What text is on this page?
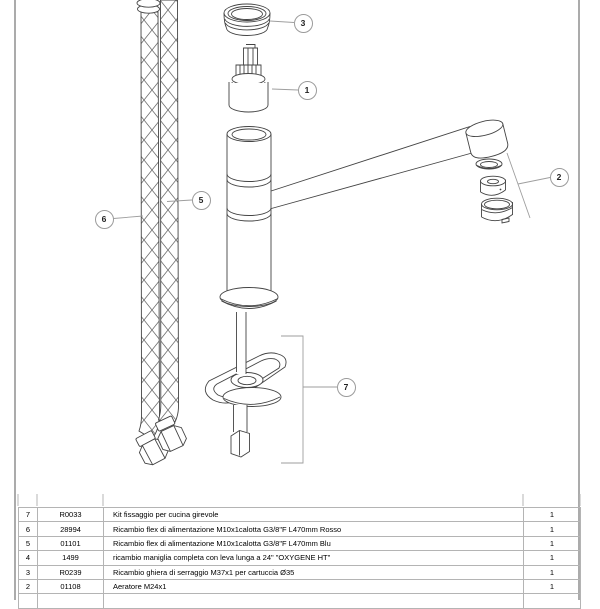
3
1
2
5
6
7
7	R0033	Kit fissaggio per cucina girevole	1
6	28994	Ricambio flex di alimentazione M10x1calotta G3/8"F L470mm Rosso	1
5	01101	Ricambio flex di alimentazione M10x1calotta G3/8"F L470mm Blu	1
4	1499	ricambio maniglia completa con leva lunga a 24" "OXYGENE HT"	1
3	R0239	Ricambio ghiera di serraggio M37x1 per cartuccia Ø35	1
2	01108	Aeratore M24x1	1
